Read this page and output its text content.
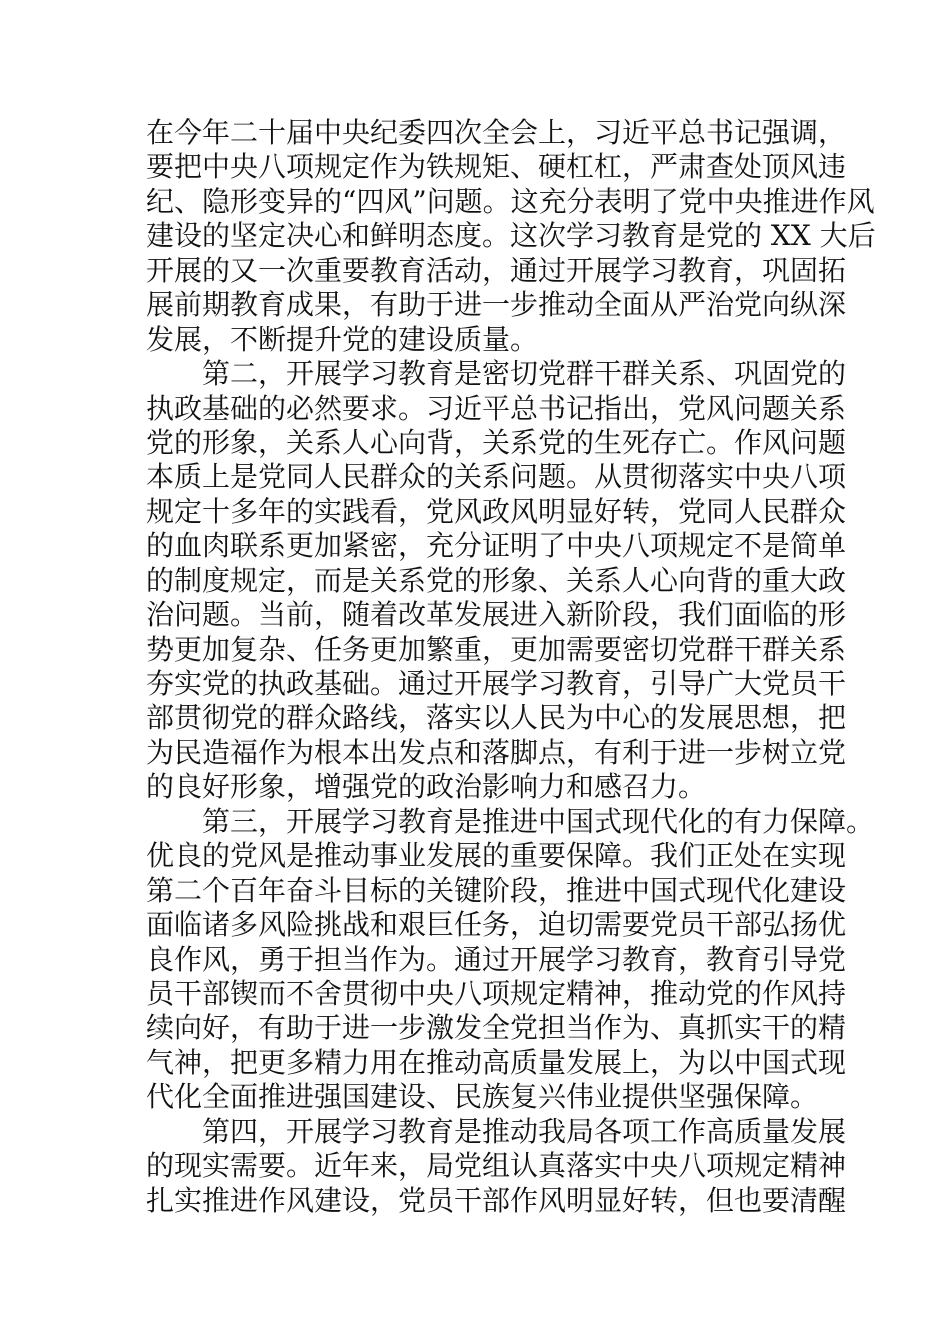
在今年二十届中央纪委四次全会上，习近平总书记强调，
要把中央八项规定作为铁规矩、硬杠杠，严肃查处顶风违
纪、隐形变异的“四风”问题。这充分表明了党中央推进作风
建设的坚定决心和鲜明态度。这次学习教育是党的 XX 大后
开展的又一次重要教育活动，通过开展学习教育，巩固拓
展前期教育成果，有助于进一步推动全面从严治党向纵深
发展，不断提升党的建设质量。
　　第二，开展学习教育是密切党群干群关系、巩固党的
执政基础的必然要求。习近平总书记指出，党风问题关系
党的形象，关系人心向背，关系党的生死存亡。作风问题
本质上是党同人民群众的关系问题。从贯彻落实中央八项
规定十多年的实践看，党风政风明显好转，党同人民群众
的血肉联系更加紧密，充分证明了中央八项规定不是简单
的制度规定，而是关系党的形象、关系人心向背的重大政
治问题。当前，随着改革发展进入新阶段，我们面临的形
势更加复杂、任务更加繁重，更加需要密切党群干群关系
夯实党的执政基础。通过开展学习教育，引导广大党员干
部贯彻党的群众路线，落实以人民为中心的发展思想，把
为民造福作为根本出发点和落脚点，有利于进一步树立党
的良好形象，增强党的政治影响力和感召力。
　　第三，开展学习教育是推进中国式现代化的有力保障。
优良的党风是推动事业发展的重要保障。我们正处在实现
第二个百年奋斗目标的关键阶段，推进中国式现代化建设
面临诸多风险挑战和艰巨任务，迫切需要党员干部弘扬优
良作风，勇于担当作为。通过开展学习教育，教育引导党
员干部锲而不舍贯彻中央八项规定精神，推动党的作风持
续向好，有助于进一步激发全党担当作为、真抓实干的精
气神，把更多精力用在推动高质量发展上，为以中国式现
代化全面推进强国建设、民族复兴伟业提供坚强保障。
　　第四，开展学习教育是推动我局各项工作高质量发展
的现实需要。近年来，局党组认真落实中央八项规定精神
扎实推进作风建设，党员干部作风明显好转，但也要清醒
